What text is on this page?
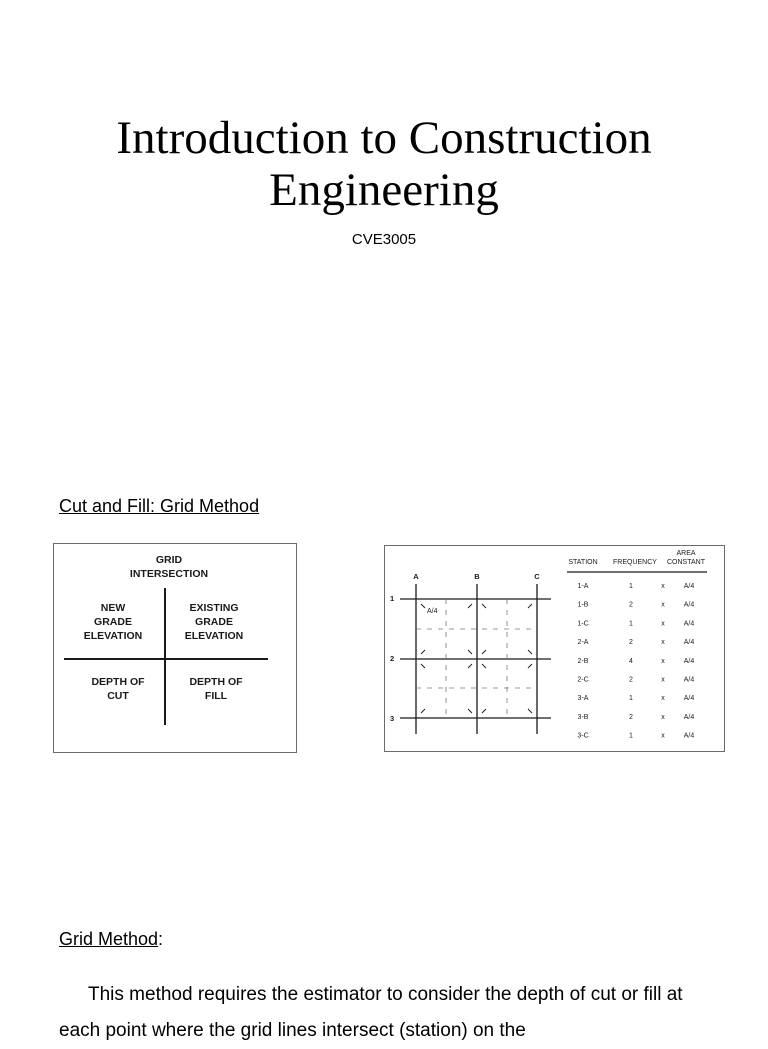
Introduction to Construction
Engineering
CVE3005
Cut and Fill: Grid Method
GRID
INTERSECTION
NEW
GRADE
ELEVATION
EXISTING
GRADE
ELEVATION
DEPTH OF
CUT
DEPTH OF
FILL
A	B	C
1
2
3
A/4
STATION FREQUENCY
AREA
CONSTANT
1-A	1	x	A/4
1-B	2	x	A/4
1-C	1	x	A/4
2-A	2	x	A/4
2-B	4	x	A/4
2-C	2	x	A/4
3-A	1	x	A/4
3-B	2	x	A/4
3-C	1	x	A/4
Grid Method:
This method requires the estimator to consider the depth of cut or fill at each point where the grid lines intersect (station) on the
